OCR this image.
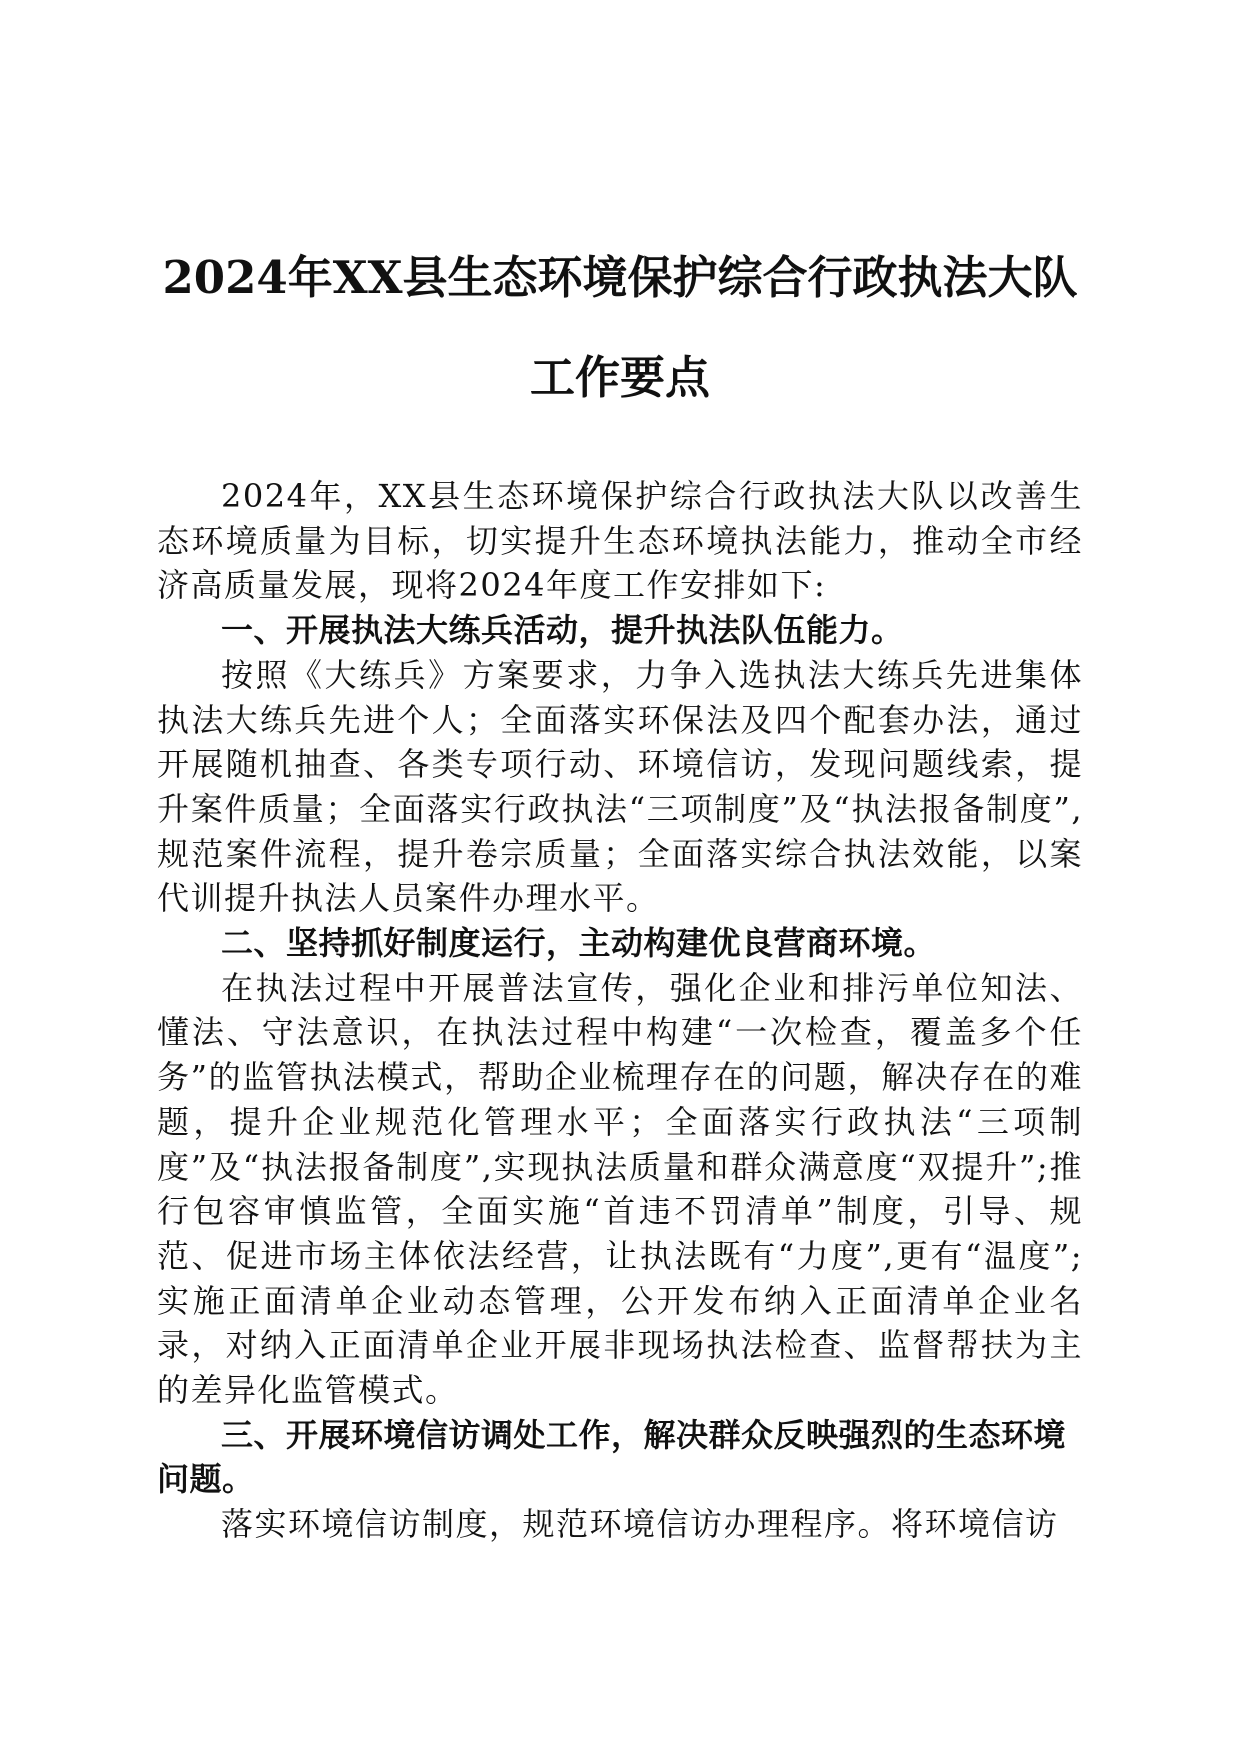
2024年XX县生态环境保护综合行政执法大队
工作要点

2024年，XX县生态环境保护综合行政执法大队以改善生态环境质量为目标，切实提升生态环境执法能力，推动全市经济高质量发展，现将2024年度工作安排如下:

一、开展执法大练兵活动，提升执法队伍能力。

按照《大练兵》方案要求，力争入选执法大练兵先进集体执法大练兵先进个人；全面落实环保法及四个配套办法，通过开展随机抽查、各类专项行动、环境信访，发现问题线索，提升案件质量；全面落实行政执法“三项制度”及“执法报备制度”,规范案件流程，提升卷宗质量；全面落实综合执法效能，以案代训提升执法人员案件办理水平。

二、坚持抓好制度运行，主动构建优良营商环境。

在执法过程中开展普法宣传，强化企业和排污单位知法、懂法、守法意识，在执法过程中构建“一次检查，覆盖多个任务”的监管执法模式，帮助企业梳理存在的问题，解决存在的难题，提升企业规范化管理水平；全面落实行政执法“三项制度”及“执法报备制度”,实现执法质量和群众满意度“双提升”;推行包容审慎监管，全面实施“首违不罚清单”制度，引导、规范、促进市场主体依法经营，让执法既有“力度”,更有“温度”;实施正面清单企业动态管理，公开发布纳入正面清单企业名录，对纳入正面清单企业开展非现场执法检查、监督帮扶为主的差异化监管模式。

三、开展环境信访调处工作，解决群众反映强烈的生态环境问题。

落实环境信访制度，规范环境信访办理程序。将环境信访
